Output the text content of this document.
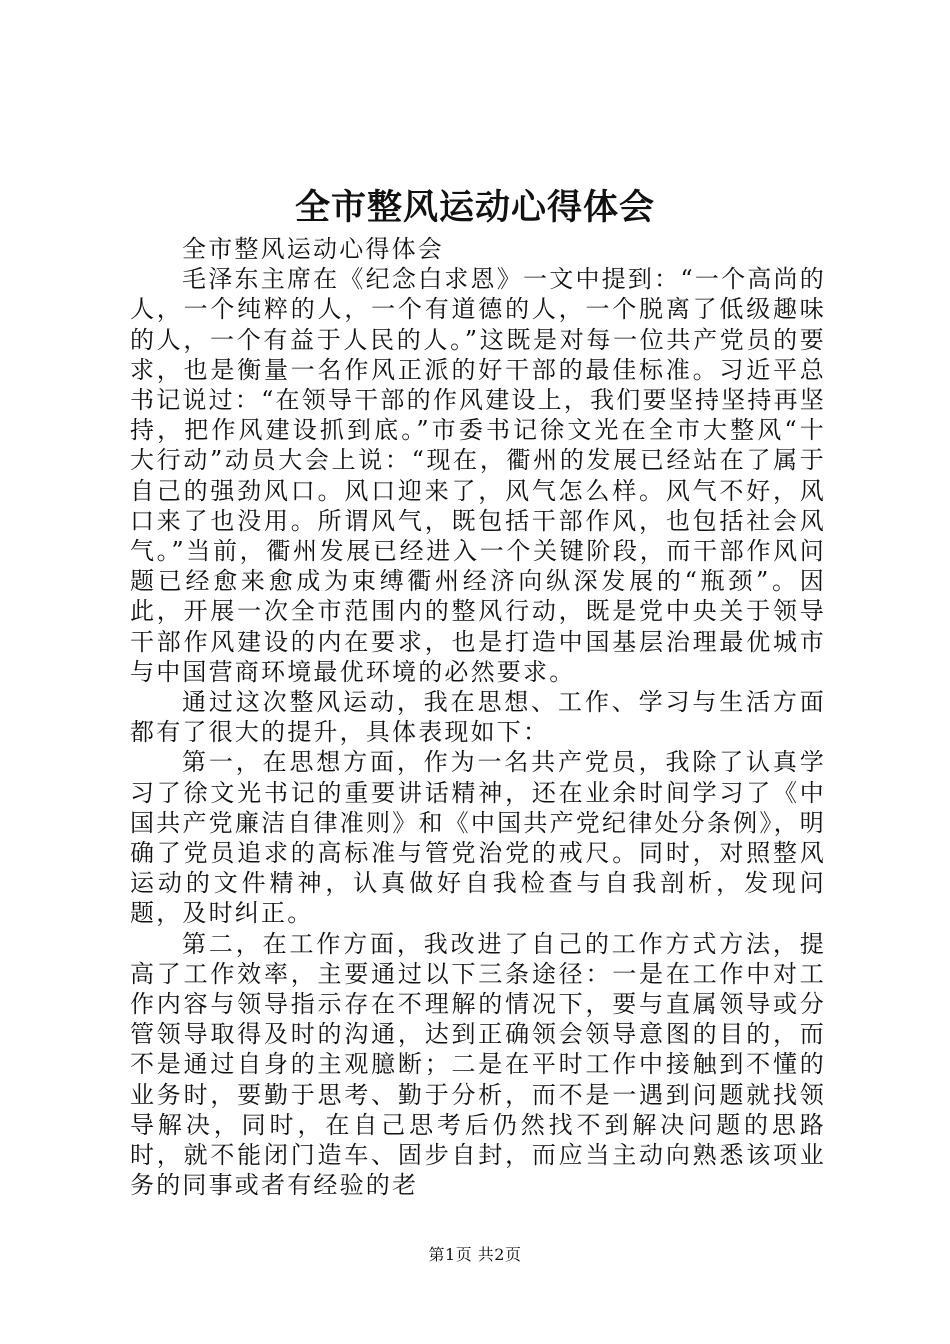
全市整风运动心得体会

全市整风运动心得体会

毛泽东主席在《纪念白求恩》一文中提到：“一个高尚的人，一个纯粹的人，一个有道德的人，一个脱离了低级趣味的人，一个有益于人民的人。”这既是对每一位共产党员的要求，也是衡量一名作风正派的好干部的最佳标准。习近平总书记说过：“在领导干部的作风建设上，我们要坚持坚持再坚持，把作风建设抓到底。”市委书记徐文光在全市大整风“十大行动”动员大会上说：“现在，衢州的发展已经站在了属于自己的强劲风口。风口迎来了，风气怎么样。风气不好，风口来了也没用。所谓风气，既包括干部作风，也包括社会风气。”当前，衢州发展已经进入一个关键阶段，而干部作风问题已经愈来愈成为束缚衢州经济向纵深发展的“瓶颈”。因此，开展一次全市范围内的整风行动，既是党中央关于领导干部作风建设的内在要求，也是打造中国基层治理最优城市与中国营商环境最优环境的必然要求。

通过这次整风运动，我在思想、工作、学习与生活方面都有了很大的提升，具体表现如下：

第一，在思想方面，作为一名共产党员，我除了认真学习了徐文光书记的重要讲话精神，还在业余时间学习了《中国共产党廉洁自律准则》和《中国共产党纪律处分条例》，明确了党员追求的高标准与管党治党的戒尺。同时，对照整风运动的文件精神，认真做好自我检查与自我剖析，发现问题，及时纠正。

第二，在工作方面，我改进了自己的工作方式方法，提高了工作效率，主要通过以下三条途径：一是在工作中对工作内容与领导指示存在不理解的情况下，要与直属领导或分管领导取得及时的沟通，达到正确领会领导意图的目的，而不是通过自身的主观臆断；二是在平时工作中接触到不懂的业务时，要勤于思考、勤于分析，而不是一遇到问题就找领导解决，同时，在自己思考后仍然找不到解决问题的思路时，就不能闭门造车、固步自封，而应当主动向熟悉该项业务的同事或者有经验的老

第1页 共2页
